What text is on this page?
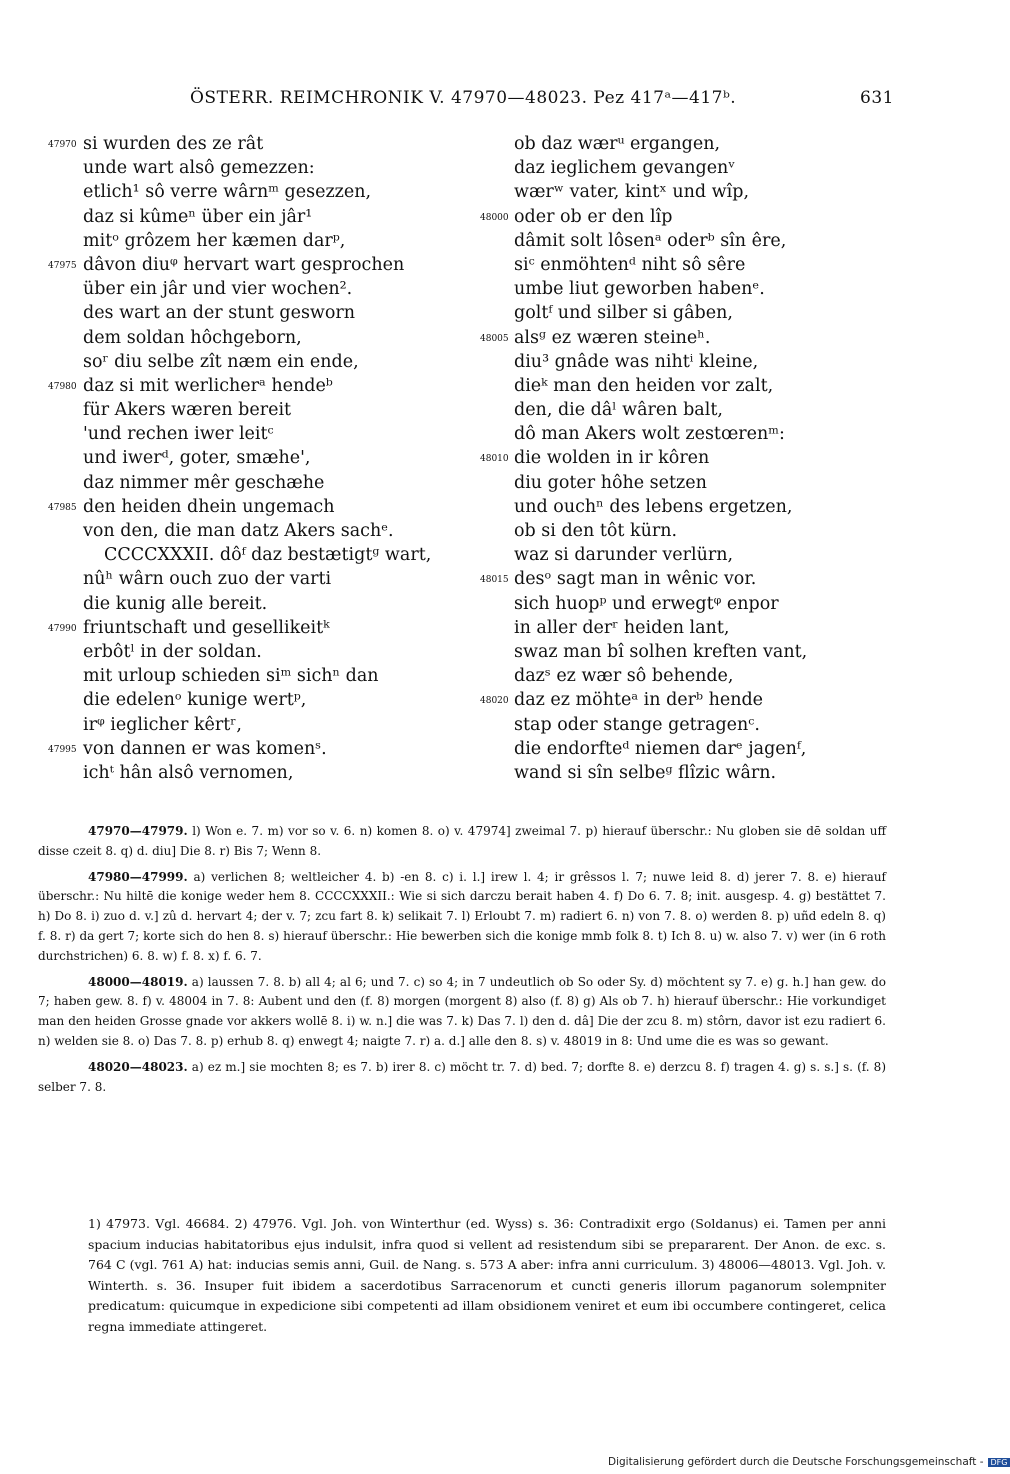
ÖSTERR. REIMCHRONIK V. 47970—48023. Pez 417ᵃ—417ᵇ.	631
47970 si wurden des ze rât
unde wart alsô gemezzen:
etlich¹ sô verre wârnᵐ gesezzen,
daz si kûmeⁿ über ein jâr¹
mitᵒ grôzem her kæmen darᵖ,
47975 dâvon diuᵠ hervart wart gesprochen
über ein jâr und vier wochen².
des wart an der stunt gesworn
dem soldan hôchgeborn,
soʳ diu selbe zît næm ein ende,
47980 daz si mit werlicherᵃ hendeᵇ
für Akers wæren bereit
'und rechen iwer leitᶜ
und iwerᵈ, goter, smæhe',
daz nimmer mêr geschæhe
47985 den heiden dhein ungemach
von den, die man datz Akers sachᵉ.
CCCCXXXII. dôᶠ daz bestætigtᵍ wart,
nûʰ wârn ouch zuo der varti
die kunig alle bereit.
47990 friuntschaft und gesellikeitᵏ
erbôtˡ in der soldan.
mit urloup schieden siᵐ sichⁿ dan
die edelenᵒ kunige wertᵖ,
irᵠ ieglicher kêrtʳ,
47995 von dannen er was komenˢ.
ichᵗ hân alsô vernomen,
ob daz wærᵘ ergangen,
daz ieglichem gevangenᵛ
wærʷ vater, kintˣ und wîp,
48000 oder ob er den lîp
dâmit solt lôsenᵃ oderᵇ sîn êre,
siᶜ enmöhtenᵈ niht sô sêre
umbe liut geworben habenᵉ.
goltᶠ und silber si gâben,
48005 alsᵍ ez wæren steineʰ.
diu³ gnâde was nihtⁱ kleine,
dieᵏ man den heiden vor zalt,
den, die dâˡ wâren balt,
dô man Akers wolt zestœrenᵐ:
48010 die wolden in ir kôren
diu goter hôhe setzen
und ouchⁿ des lebens ergetzen,
ob si den tôt kürn.
waz si darunder verlürn,
48015 desᵒ sagt man in wênic vor.
sich huopᵖ und erwegtᵠ enpor
in aller derʳ heiden lant,
swaz man bî solhen kreften vant,
dazˢ ez wær sô behende,
48020 daz ez möhteᵃ in derᵇ hende
stap oder stange getragenᶜ.
die endorfteᵈ niemen darᵉ jagenᶠ,
wand si sîn selbeᵍ flîzic wârn.
47970—47979. l) Won e. 7. m) vor so v. 6. n) komen 8. o) v. 47974] zweimal 7. p) hierauf überschr.: Nu globen sie dē soldan uff disse czeit 8. q) d. diu] Die 8. r) Bis 7; Wenn 8.
47980—47999. a) verlichen 8; weltleicher 4. b) -en 8. c) i. l.] irew l. 4; ir grêssos l. 7; nuwe leid 8. d) jerer 7. 8. e) hierauf überschr.: Nu hiltē die konige weder hem 8. CCCCXXXII.: Wie si sich darczu berait haben 4. f) Do 6. 7. 8; init. ausgesp. 4. g) bestättet 7. h) Do 8. i) zuo d. v.] zû d. hervart 4; der v. 7; zcu fart 8. k) selikait 7. l) Erloubt 7. m) radiert 6. n) von 7. 8. o) werden 8. p) uñd edeln 8. q) f. 8. r) da gert 7; korte sich do hen 8. s) hierauf überschr.: Hie bewerben sich die konige mmb folk 8. t) Ich 8. u) w. also 7. v) wer (in 6 roth durchstrichen) 6. 8. w) f. 8. x) f. 6. 7.
48000—48019. a) laussen 7. 8. b) all 4; al 6; und 7. c) so 4; in 7 undeutlich ob So oder Sy. d) möchtent sy 7. e) g. h.] han gew. do 7; haben gew. 8. f) v. 48004 in 7. 8: Aubent und den (f. 8) morgen (morgent 8) also (f. 8) g) Als ob 7. h) hierauf überschr.: Hie vorkundiget man den heiden Grosse gnade vor akkers wollē 8. i) w. n.] die was 7. k) Das 7. l) den d. dâ] Die der zcu 8. m) stôrn, davor ist ezu radiert 6. n) welden sie 8. o) Das 7. 8. p) erhub 8. q) enwegt 4; naigte 7. r) a. d.] alle den 8. s) v. 48019 in 8: Und ume die es was so gewant.
48020—48023. a) ez m.] sie mochten 8; es 7. b) irer 8. c) möcht tr. 7. d) bed. 7; dorfte 8. e) derzcu 8. f) tragen 4. g) s. s.] s. (f. 8) selber 7. 8.
1) 47973. Vgl. 46684. 2) 47976. Vgl. Joh. von Winterthur (ed. Wyss) s. 36: Contradixit ergo (Soldanus) ei. Tamen per anni spacium inducias habitatoribus ejus indulsit, infra quod si vellent ad resistendum sibi se prepararent. Der Anon. de exc. s. 764 C (vgl. 761 A) hat: inducias semis anni, Guil. de Nang. s. 573 A aber: infra anni curriculum. 3) 48006—48013. Vgl. Joh. v. Winterth. s. 36. Insuper fuit ibidem a sacerdotibus Sarracenorum et cuncti generis illorum paganorum solempniter predicatum: quicumque in expedicione sibi competenti ad illam obsidionem veniret et eum ibi occumbere contingeret, celica regna immediate attingeret.
Digitalisierung gefördert durch die Deutsche Forschungsgemeinschaft - DFG
